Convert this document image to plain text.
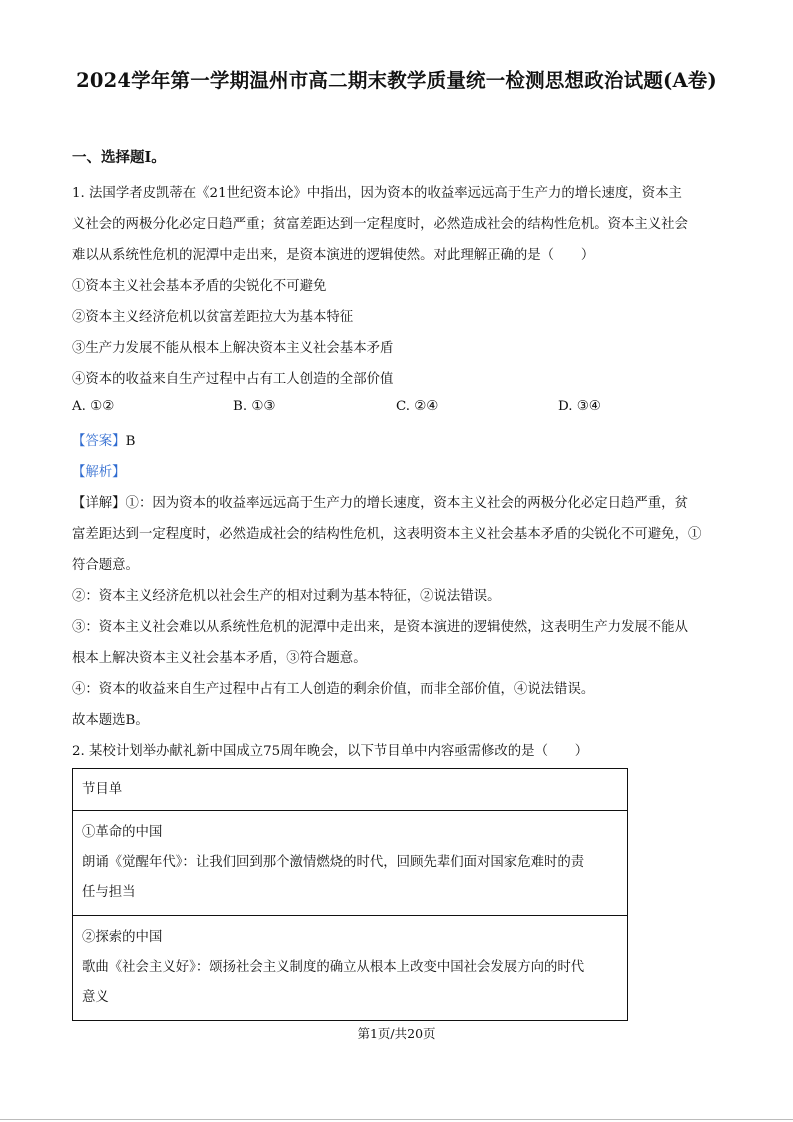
2024学年第一学期温州市高二期末教学质量统一检测思想政治试题(A卷)
一、选择题Ⅰ。
1. 法国学者皮凯蒂在《21世纪资本论》中指出，因为资本的收益率远远高于生产力的增长速度，资本主
义社会的两极分化必定日趋严重；贫富差距达到一定程度时，必然造成社会的结构性危机。资本主义社会
难以从系统性危机的泥潭中走出来，是资本演进的逻辑使然。对此理解正确的是（　　）
①资本主义社会基本矛盾的尖锐化不可避免
②资本主义经济危机以贫富差距拉大为基本特征
③生产力发展不能从根本上解决资本主义社会基本矛盾
④资本的收益来自生产过程中占有工人创造的全部价值
A. ①②	B. ①③	C. ②④	D. ③④
【答案】B
【解析】
【详解】①：因为资本的收益率远远高于生产力的增长速度，资本主义社会的两极分化必定日趋严重，贫
富差距达到一定程度时，必然造成社会的结构性危机，这表明资本主义社会基本矛盾的尖锐化不可避免，①
符合题意。
②：资本主义经济危机以社会生产的相对过剩为基本特征，②说法错误。
③：资本主义社会难以从系统性危机的泥潭中走出来，是资本演进的逻辑使然，这表明生产力发展不能从
根本上解决资本主义社会基本矛盾，③符合题意。
④：资本的收益来自生产过程中占有工人创造的剩余价值，而非全部价值，④说法错误。
故本题选B。
2. 某校计划举办献礼新中国成立75周年晚会，以下节目单中内容亟需修改的是（　　）
节目单

①革命的中国
朗诵《觉醒年代》：让我们回到那个激情燃烧的时代，回顾先辈们面对国家危难时的责
任与担当

②探索的中国
歌曲《社会主义好》：颂扬社会主义制度的确立从根本上改变中国社会发展方向的时代
意义
第1页/共20页
